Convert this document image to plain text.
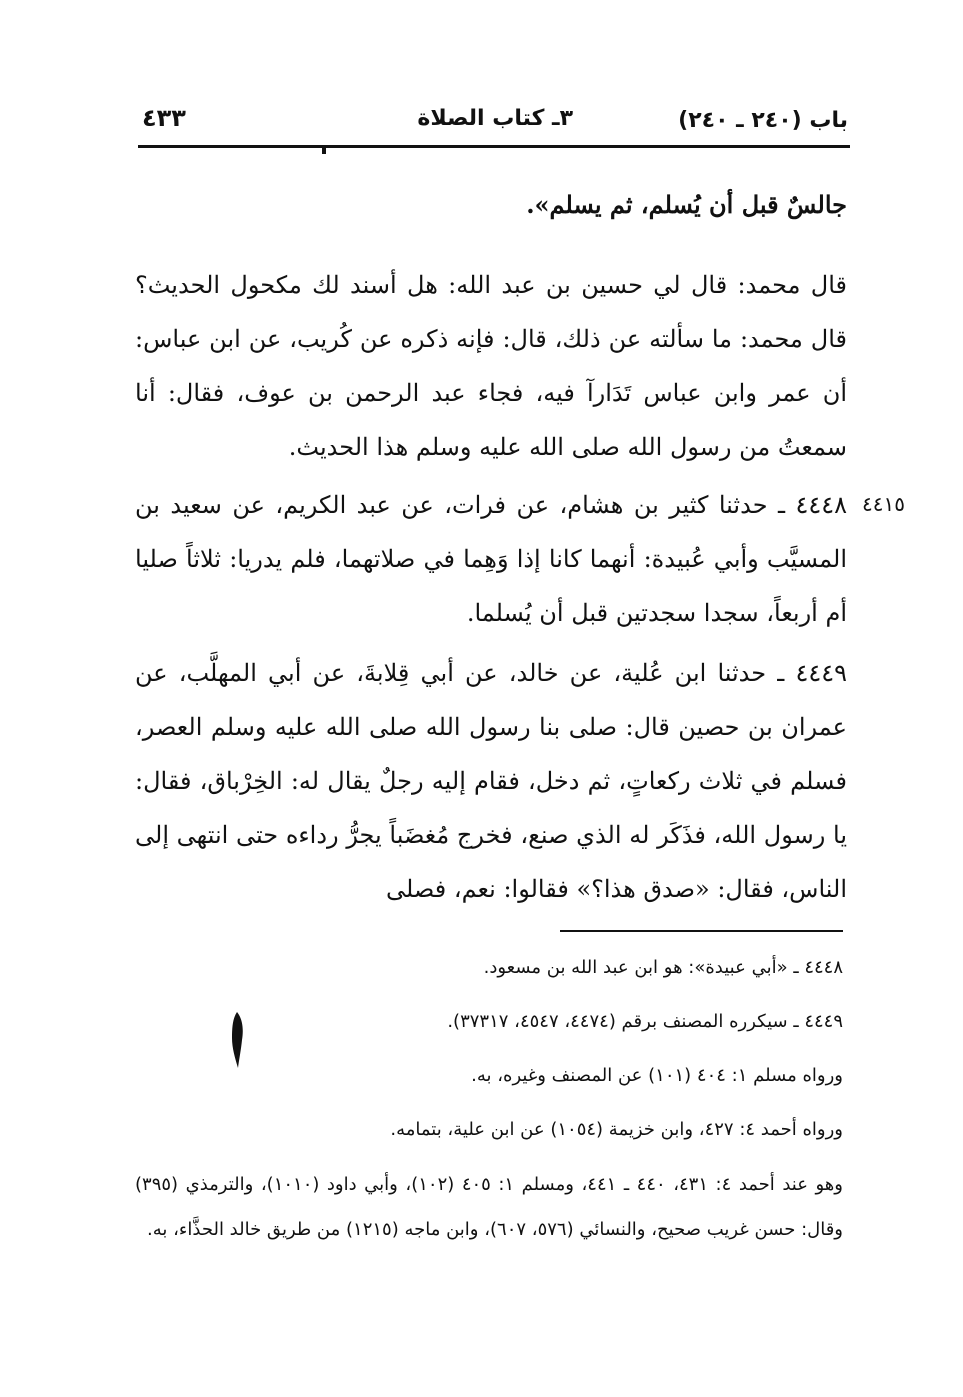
باب (٢٤٠ ـ ٢٤٠)
٣ـ كتاب الصلاة
٤٣٣
جالسٌ قبل أن يُسلم، ثم يسلم».
قال محمد: قال لي حسين بن عبد الله: هل أسند لك مكحول الحديث؟ قال محمد: ما سألته عن ذلك، قال: فإنه ذكره عن كُريب، عن ابن عباس: أن عمر وابن عباس تَدَارآ فيه، فجاء عبد الرحمن بن عوف، فقال: أنا سمعتُ من رسول الله صلى الله عليه وسلم هذا الحديث.
٤٤١٥
٤٤٤٨ ـ حدثنا كثير بن هشام، عن فرات، عن عبد الكريم، عن سعيد بن المسيَّب وأبي عُبيدة: أنهما كانا إذا وَهِما في صلاتهما، فلم يدريا: ثلاثاً صليا أم أربعاً، سجدا سجدتين قبل أن يُسلما.
٤٤٤٩ ـ حدثنا ابن عُلية، عن خالد، عن أبي قِلابةَ، عن أبي المهلَّب، عن عمران بن حصين قال: صلى بنا رسول الله صلى الله عليه وسلم العصر، فسلم في ثلاث ركعاتٍ، ثم دخل، فقام إليه رجلٌ يقال له: الخِرْباق، فقال: يا رسول الله، فذَكَر له الذي صنع، فخرج مُغضَباً يجرُّ رداءه حتى انتهى إلى الناس، فقال: «صدق هذا؟» فقالوا: نعم، فصلى
٤٤٤٨ ـ «أبي عبيدة»: هو ابن عبد الله بن مسعود.
٤٤٤٩ ـ سيكرره المصنف برقم (٤٤٧٤، ٤٥٤٧، ٣٧٣١٧).
ورواه مسلم ١: ٤٠٤ (١٠١) عن المصنف وغيره، به.
ورواه أحمد ٤: ٤٢٧، وابن خزيمة (١٠٥٤) عن ابن علية، بتمامه.
وهو عند أحمد ٤: ٤٣١، ٤٤٠ ـ ٤٤١، ومسلم ١: ٤٠٥ (١٠٢)، وأبي داود (١٠١٠)، والترمذي (٣٩٥) وقال: حسن غريب صحيح، والنسائي (٥٧٦، ٦٠٧)، وابن ماجه (١٢١٥) من طريق خالد الحذَّاء، به.
